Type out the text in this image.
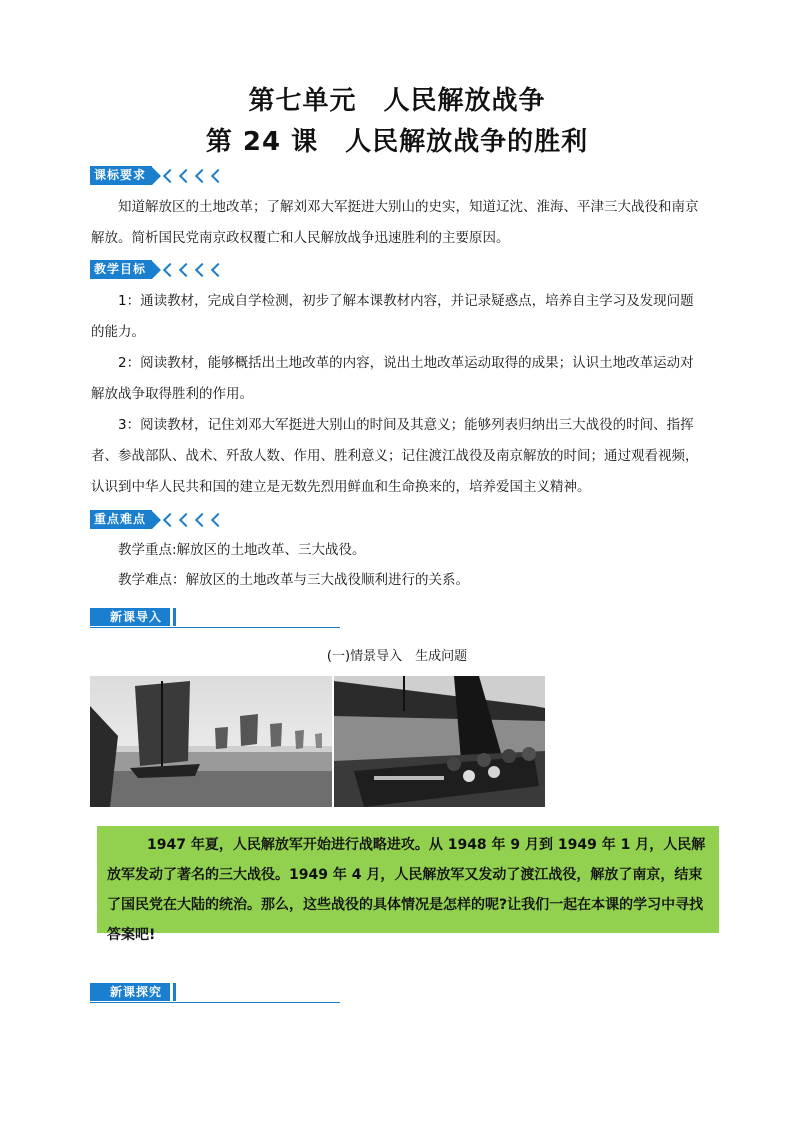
第七单元　人民解放战争
第 24 课　人民解放战争的胜利
课标要求

知道解放区的土地改革；了解刘邓大军挺进大别山的史实，知道辽沈、淮海、平津三大战役和南京解放。简析国民党南京政权覆亡和人民解放战争迅速胜利的主要原因。

教学目标

1：通读教材，完成自学检测，初步了解本课教材内容，并记录疑惑点，培养自主学习及发现问题的能力。

2：阅读教材，能够概括出土地改革的内容，说出土地改革运动取得的成果；认识土地改革运动对解放战争取得胜利的作用。

3：阅读教材，记住刘邓大军挺进大别山的时间及其意义；能够列表归纳出三大战役的时间、指挥者、参战部队、战术、歼敌人数、作用、胜利意义；记住渡江战役及南京解放的时间；通过观看视频，认识到中华人民共和国的建立是无数先烈用鲜血和生命换来的，培养爱国主义精神。

重点难点

教学重点:解放区的土地改革、三大战役。

教学难点：解放区的土地改革与三大战役顺利进行的关系。

新课导入
(一)情景导入　生成问题

1947 年夏，人民解放军开始进行战略进攻。从 1948 年 9 月到 1949 年 1 月，人民解放军发动了著名的三大战役。1949 年 4 月，人民解放军又发动了渡江战役，解放了南京，结束了国民党在大陆的统治。那么，这些战役的具体情况是怎样的呢?让我们一起在本课的学习中寻找答案吧!

新课探究
